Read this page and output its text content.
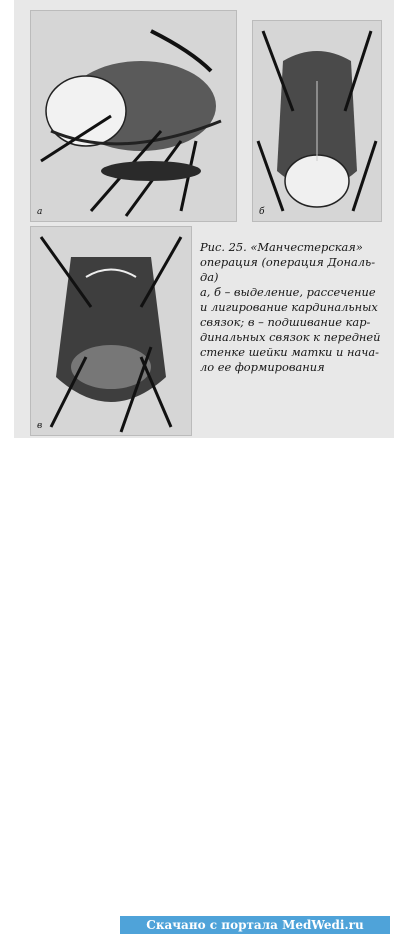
а	б
в
Рис. 25. «Манчестерская»
операция (операция Дональ-
да)
а, б – выделение, рассечение
и лигирование кардинальных
связок; в – подшивание кар-
динальных связок к передней
стенке шейки матки и нача-
ло ее формирования
Скачано с портала MedWedi.ru
